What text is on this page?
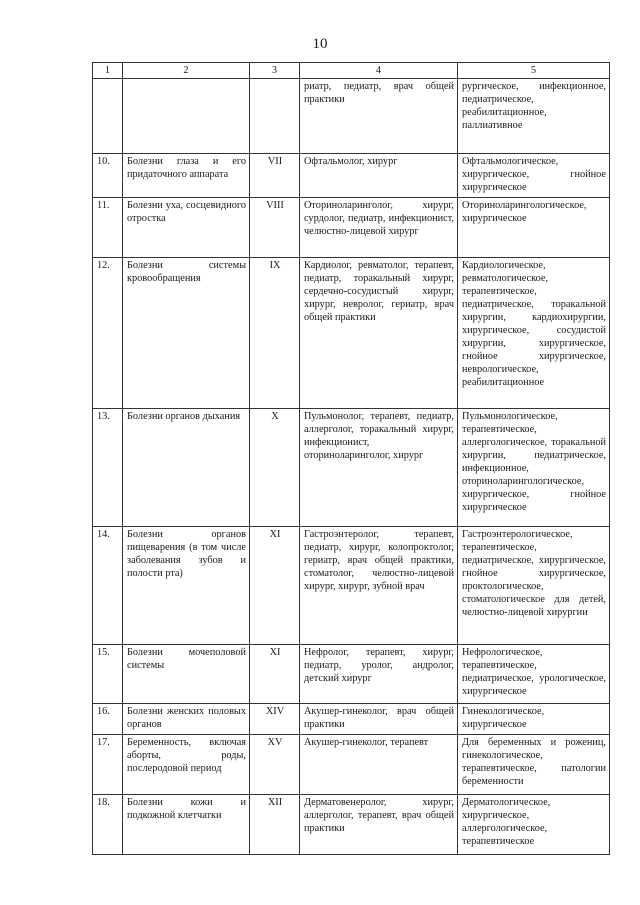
10
1	2	3	4	5
			риатр, педиатр, врач общей практики	рургическое, инфекционное, педиатрическое, реабилитационное, паллиативное
10.	Болезни глаза и его придаточного аппарата	VII	Офтальмолог, хирург	Офтальмологическое, хирургическое, гнойное хирургическое
11.	Болезни уха, сосцевидного отростка	VIII	Оториноларинголог, хирург, сурдолог, педиатр, инфекционист, челюстно-лицевой хирург	Оториноларингологическое, хирургическое
12.	Болезни системы кровообращения	IX	Кардиолог, ревматолог, терапевт, педиатр, торакальный хирург, сердечно-сосудистый хирург, хирург, невролог, гериатр, врач общей практики	Кардиологическое, ревматологическое, терапевтическое, педиатрическое, торакальной хирургии, кардиохирургии, хирургическое, сосудистой хирургии, хирургическое, гнойное хирургическое, неврологическое, реабилитационное
13.	Болезни органов дыхания	X	Пульмонолог, терапевт, педиатр, аллерголог, торакальный хирург, инфекционист, оториноларинголог, хирург	Пульмонологическое, терапевтическое, аллергологическое, торакальной хирургии, педиатрическое, инфекционное, оториноларингологическое, хирургическое, гнойное хирургическое
14.	Болезни органов пищеварения (в том числе заболевания зубов и полости рта)	XI	Гастроэнтеролог, терапевт, педиатр, хирург, колопроктолог, гериатр, врач общей практики, стоматолог, челюстно-лицевой хирург, хирург, зубной врач	Гастроэнтерологическое, терапевтическое, педиатрическое, хирургическое, гнойное хирургическое, проктологическое, стоматологическое для детей, челюстно-лицевой хирургии
15.	Болезни мочеполовой системы	XI	Нефролог, терапевт, хирург, педиатр, уролог, андролог, детский хирург	Нефрологическое, терапевтическое, педиатрическое, урологическое, хирургическое
16.	Болезни женских половых органов	XIV	Акушер-гинеколог, врач общей практики	Гинекологическое, хирургическое
17.	Беременность, включая аборты, роды, послеродовой период	XV	Акушер-гинеколог, терапевт	Для беременных и рожениц, гинекологическое, терапевтическое, патологии беременности
18.	Болезни кожи и подкожной клетчатки	XII	Дерматовенеролог, хирург, аллерголог, терапевт, врач общей практики	Дерматологическое, хирургическое, аллергологическое, терапевтическое
